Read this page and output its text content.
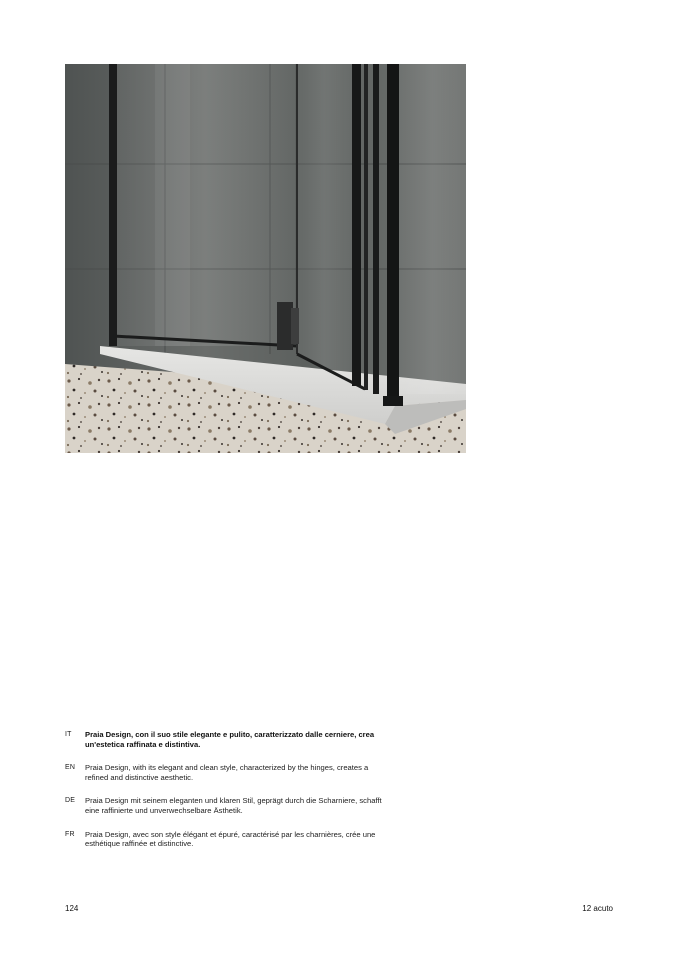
IT	Praia Design, con il suo stile elegante e pulito, caratterizzato dalle cerniere, crea un'estetica raffinata e distintiva.
EN	Praia Design, with its elegant and clean style, characterized by the hinges, creates a refined and distinctive aesthetic.
DE	Praia Design mit seinem eleganten und klaren Stil, geprägt durch die Scharniere, schafft eine raffinierte und unverwechselbare Ästhetik.
FR	Praia Design, avec son style élégant et épuré, caractérisé par les charnières, crée une esthétique raffinée et distinctive.
124	12 acuto
